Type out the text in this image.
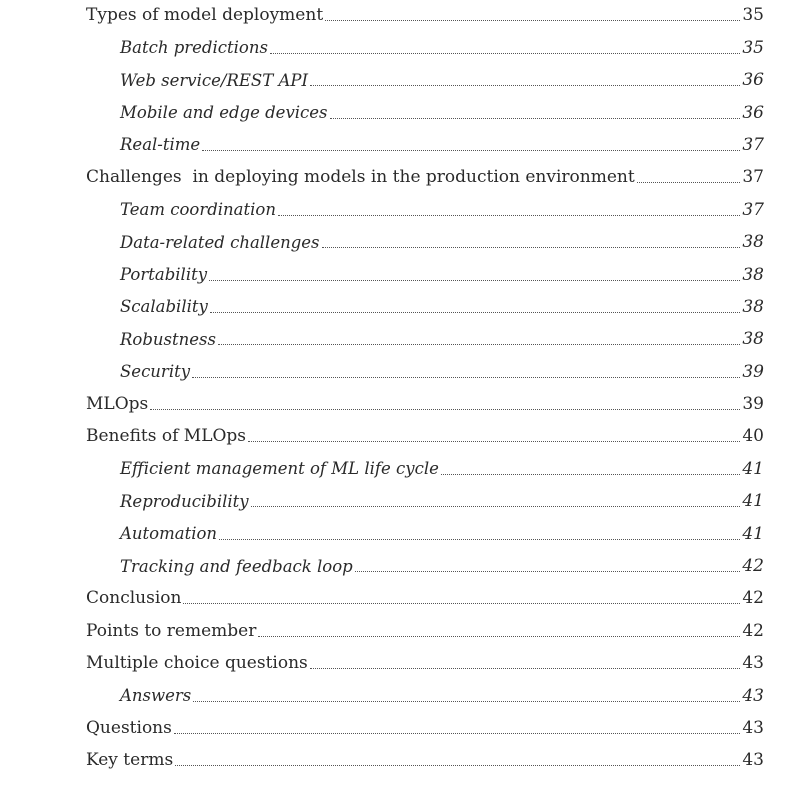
Types of model deployment	35
Batch predictions	35
Web service/REST API	36
Mobile and edge devices	36
Real-time	37
Challenges  in deploying models in the production environment	37
Team coordination	37
Data-related challenges	38
Portability	38
Scalability	38
Robustness	38
Security	39
MLOps	39
Benefits of MLOps	40
Efficient management of ML life cycle	41
Reproducibility	41
Automation	41
Tracking and feedback loop	42
Conclusion	42
Points to remember	42
Multiple choice questions	43
Answers	43
Questions	43
Key terms	43
